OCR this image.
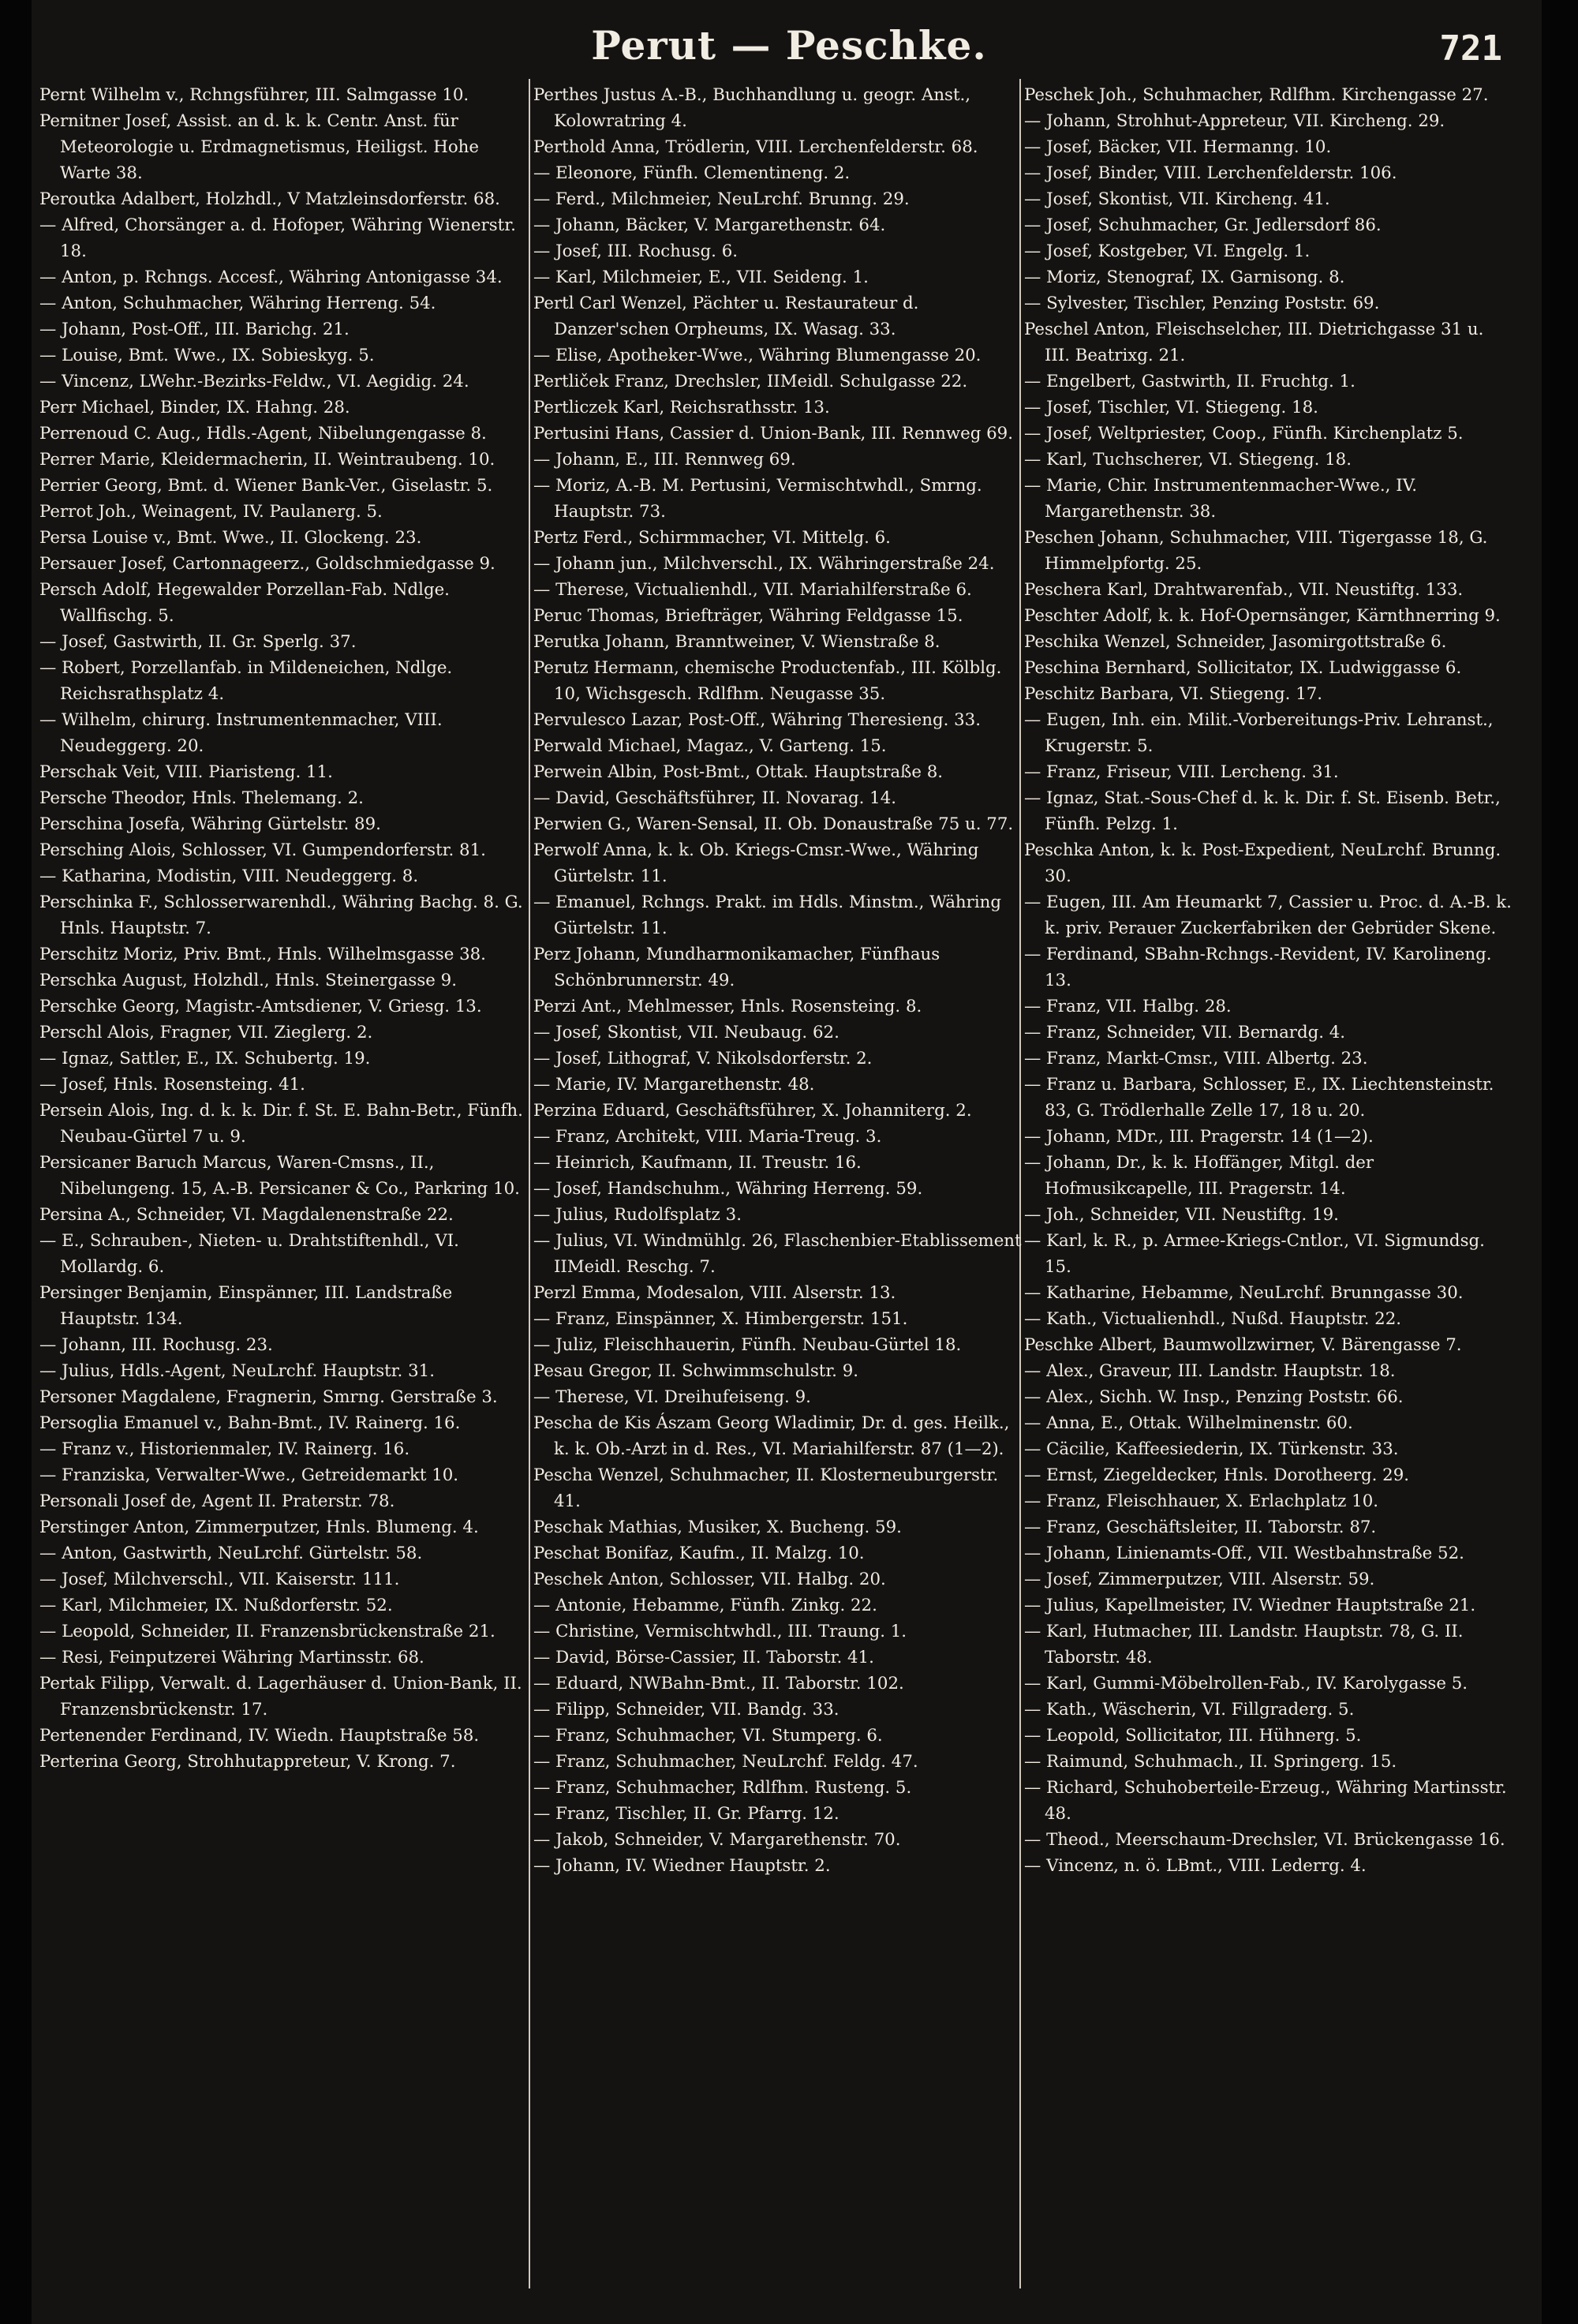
Perut — Peschke.	721

Pernt Wilhelm v., Rchngsführer, III. Salmgasse 10.

Pernitner Josef, Assist. an d. k. k. Centr. Anst. für Meteorologie u. Erdmagnetismus, Heiligst. Hohe Warte 38.

Peroutka Adalbert, Holzhdl., V Matzleinsdorferstr. 68.

— Alfred, Chorsänger a. d. Hofoper, Währing Wienerstr. 18.

— Anton, p. Rchngs. Accesf., Währing Antonigasse 34.

— Anton, Schuhmacher, Währing Herreng. 54.

— Johann, Post-Off., III. Barichg. 21.

— Louise, Bmt. Wwe., IX. Sobieskyg. 5.

— Vincenz, LWehr.-Bezirks-Feldw., VI. Aegidig. 24.

Perr Michael, Binder, IX. Hahng. 28.

Perrenoud C. Aug., Hdls.-Agent, Nibelungengasse 8.

Perrer Marie, Kleidermacherin, II. Weintraubeng. 10.

Perrier Georg, Bmt. d. Wiener Bank-Ver., Giselastr. 5.

Perrot Joh., Weinagent, IV. Paulanerg. 5.

Persa Louise v., Bmt. Wwe., II. Glockeng. 23.

Persauer Josef, Cartonnageerz., Goldschmiedgasse 9.

Persch Adolf, Hegewalder Porzellan-Fab. Ndlge. Wallfischg. 5.

— Josef, Gastwirth, II. Gr. Sperlg. 37.

— Robert, Porzellanfab. in Mildeneichen, Ndlge. Reichsrathsplatz 4.

— Wilhelm, chirurg. Instrumentenmacher, VIII. Neudeggerg. 20.

Perschak Veit, VIII. Piaristeng. 11.

Persche Theodor, Hnls. Thelemang. 2.

Perschina Josefa, Währing Gürtelstr. 89.

Persching Alois, Schlosser, VI. Gumpendorferstr. 81.

— Katharina, Modistin, VIII. Neudeggerg. 8.

Perschinka F., Schlosserwarenhdl., Währing Bachg. 8. G. Hnls. Hauptstr. 7.

Perschitz Moriz, Priv. Bmt., Hnls. Wilhelmsgasse 38.

Perschka August, Holzhdl., Hnls. Steinergasse 9.

Perschke Georg, Magistr.-Amtsdiener, V. Griesg. 13.

Perschl Alois, Fragner, VII. Zieglerg. 2.

— Ignaz, Sattler, E., IX. Schubertg. 19.

— Josef, Hnls. Rosensteing. 41.

Persein Alois, Ing. d. k. k. Dir. f. St. E. Bahn-Betr., Fünfh. Neubau-Gürtel 7 u. 9.

Persicaner Baruch Marcus, Waren-Cmsns., II., Nibelungeng. 15, A.-B. Persicaner & Co., Parkring 10.

Persina A., Schneider, VI. Magdalenenstraße 22.

— E., Schrauben-, Nieten- u. Drahtstiftenhdl., VI. Mollardg. 6.

Persinger Benjamin, Einspänner, III. Landstraße Hauptstr. 134.

— Johann, III. Rochusg. 23.

— Julius, Hdls.-Agent, NeuLrchf. Hauptstr. 31.

Personer Magdalene, Fragnerin, Smrng. Gerstraße 3.

Persoglia Emanuel v., Bahn-Bmt., IV. Rainerg. 16.

— Franz v., Historienmaler, IV. Rainerg. 16.

— Franziska, Verwalter-Wwe., Getreidemarkt 10.

Personali Josef de, Agent II. Praterstr. 78.

Perstinger Anton, Zimmerputzer, Hnls. Blumeng. 4.

— Anton, Gastwirth, NeuLrchf. Gürtelstr. 58.

— Josef, Milchverschl., VII. Kaiserstr. 111.

— Karl, Milchmeier, IX. Nußdorferstr. 52.

— Leopold, Schneider, II. Franzensbrückenstraße 21.

— Resi, Feinputzerei Währing Martinsstr. 68.

Pertak Filipp, Verwalt. d. Lagerhäuser d. Union-Bank, II. Franzensbrückenstr. 17.

Pertenender Ferdinand, IV. Wiedn. Hauptstraße 58.

Perterina Georg, Strohhutappreteur, V. Krong. 7.

Perthes Justus A.-B., Buchhandlung u. geogr. Anst., Kolowratring 4.

Perthold Anna, Trödlerin, VIII. Lerchenfelderstr. 68.

— Eleonore, Fünfh. Clementineng. 2.

— Ferd., Milchmeier, NeuLrchf. Brunng. 29.

— Johann, Bäcker, V. Margarethenstr. 64.

— Josef, III. Rochusg. 6.

— Karl, Milchmeier, E., VII. Seideng. 1.

Pertl Carl Wenzel, Pächter u. Restaurateur d. Danzer'schen Orpheums, IX. Wasag. 33.

— Elise, Apotheker-Wwe., Währing Blumengasse 20.

Pertliček Franz, Drechsler, IIMeidl. Schulgasse 22.

Pertliczek Karl, Reichsrathsstr. 13.

Pertusini Hans, Cassier d. Union-Bank, III. Rennweg 69.

— Johann, E., III. Rennweg 69.

— Moriz, A.-B. M. Pertusini, Vermischtwhdl., Smrng. Hauptstr. 73.

Pertz Ferd., Schirmmacher, VI. Mittelg. 6.

— Johann jun., Milchverschl., IX. Währingerstraße 24.

— Therese, Victualienhdl., VII. Mariahilferstraße 6.

Peruc Thomas, Briefträger, Währing Feldgasse 15.

Perutka Johann, Branntweiner, V. Wienstraße 8.

Perutz Hermann, chemische Productenfab., III. Kölblg. 10, Wichsgesch. Rdlfhm. Neugasse 35.

Pervulesco Lazar, Post-Off., Währing Theresieng. 33.

Perwald Michael, Magaz., V. Garteng. 15.

Perwein Albin, Post-Bmt., Ottak. Hauptstraße 8.

— David, Geschäftsführer, II. Novarag. 14.

Perwien G., Waren-Sensal, II. Ob. Donaustraße 75 u. 77.

Perwolf Anna, k. k. Ob. Kriegs-Cmsr.-Wwe., Währing Gürtelstr. 11.

— Emanuel, Rchngs. Prakt. im Hdls. Minstm., Währing Gürtelstr. 11.

Perz Johann, Mundharmonikamacher, Fünfhaus Schönbrunnerstr. 49.

Perzi Ant., Mehlmesser, Hnls. Rosensteing. 8.

— Josef, Skontist, VII. Neubaug. 62.

— Josef, Lithograf, V. Nikolsdorferstr. 2.

— Marie, IV. Margarethenstr. 48.

Perzina Eduard, Geschäftsführer, X. Johanniterg. 2.

— Franz, Architekt, VIII. Maria-Treug. 3.

— Heinrich, Kaufmann, II. Treustr. 16.

— Josef, Handschuhm., Währing Herreng. 59.

— Julius, Rudolfsplatz 3.

— Julius, VI. Windmühlg. 26, Flaschenbier-Etablissement IIMeidl. Reschg. 7.

Perzl Emma, Modesalon, VIII. Alserstr. 13.

— Franz, Einspänner, X. Himbergerstr. 151.

— Juliz, Fleischhauerin, Fünfh. Neubau-Gürtel 18.

Pesau Gregor, II. Schwimmschulstr. 9.

— Therese, VI. Dreihufeiseng. 9.

Pescha de Kis Ászam Georg Wladimir, Dr. d. ges. Heilk., k. k. Ob.-Arzt in d. Res., VI. Mariahilferstr. 87 (1—2).

Pescha Wenzel, Schuhmacher, II. Klosterneuburgerstr. 41.

Peschak Mathias, Musiker, X. Bucheng. 59.

Peschat Bonifaz, Kaufm., II. Malzg. 10.

Peschek Anton, Schlosser, VII. Halbg. 20.

— Antonie, Hebamme, Fünfh. Zinkg. 22.

— Christine, Vermischtwhdl., III. Traung. 1.

— David, Börse-Cassier, II. Taborstr. 41.

— Eduard, NWBahn-Bmt., II. Taborstr. 102.

— Filipp, Schneider, VII. Bandg. 33.

— Franz, Schuhmacher, VI. Stumperg. 6.

— Franz, Schuhmacher, NeuLrchf. Feldg. 47.

— Franz, Schuhmacher, Rdlfhm. Rusteng. 5.

— Franz, Tischler, II. Gr. Pfarrg. 12.

— Jakob, Schneider, V. Margarethenstr. 70.

— Johann, IV. Wiedner Hauptstr. 2.

Peschek Joh., Schuhmacher, Rdlfhm. Kirchengasse 27.

— Johann, Strohhut-Appreteur, VII. Kircheng. 29.

— Josef, Bäcker, VII. Hermanng. 10.

— Josef, Binder, VIII. Lerchenfelderstr. 106.

— Josef, Skontist, VII. Kircheng. 41.

— Josef, Schuhmacher, Gr. Jedlersdorf 86.

— Josef, Kostgeber, VI. Engelg. 1.

— Moriz, Stenograf, IX. Garnisong. 8.

— Sylvester, Tischler, Penzing Poststr. 69.

Peschel Anton, Fleischselcher, III. Dietrichgasse 31 u. III. Beatrixg. 21.

— Engelbert, Gastwirth, II. Fruchtg. 1.

— Josef, Tischler, VI. Stiegeng. 18.

— Josef, Weltpriester, Coop., Fünfh. Kirchenplatz 5.

— Karl, Tuchscherer, VI. Stiegeng. 18.

— Marie, Chir. Instrumentenmacher-Wwe., IV. Margarethenstr. 38.

Peschen Johann, Schuhmacher, VIII. Tigergasse 18, G. Himmelpfortg. 25.

Peschera Karl, Drahtwarenfab., VII. Neustiftg. 133.

Peschter Adolf, k. k. Hof-Opernsänger, Kärnthnerring 9.

Peschika Wenzel, Schneider, Jasomirgottstraße 6.

Peschina Bernhard, Sollicitator, IX. Ludwiggasse 6.

Peschitz Barbara, VI. Stiegeng. 17.

— Eugen, Inh. ein. Milit.-Vorbereitungs-Priv. Lehranst., Krugerstr. 5.

— Franz, Friseur, VIII. Lercheng. 31.

— Ignaz, Stat.-Sous-Chef d. k. k. Dir. f. St. Eisenb. Betr., Fünfh. Pelzg. 1.

Peschka Anton, k. k. Post-Expedient, NeuLrchf. Brunng. 30.

— Eugen, III. Am Heumarkt 7, Cassier u. Proc. d. A.-B. k. k. priv. Perauer Zuckerfabriken der Gebrüder Skene.

— Ferdinand, SBahn-Rchngs.-Revident, IV. Karolineng. 13.

— Franz, VII. Halbg. 28.

— Franz, Schneider, VII. Bernardg. 4.

— Franz, Markt-Cmsr., VIII. Albertg. 23.

— Franz u. Barbara, Schlosser, E., IX. Liechtensteinstr. 83, G. Trödlerhalle Zelle 17, 18 u. 20.

— Johann, MDr., III. Pragerstr. 14 (1—2).

— Johann, Dr., k. k. Hoffänger, Mitgl. der Hofmusikcapelle, III. Pragerstr. 14.

— Joh., Schneider, VII. Neustiftg. 19.

— Karl, k. R., p. Armee-Kriegs-Cntlor., VI. Sigmundsg. 15.

— Katharine, Hebamme, NeuLrchf. Brunngasse 30.

— Kath., Victualienhdl., Nußd. Hauptstr. 22.

Peschke Albert, Baumwollzwirner, V. Bärengasse 7.

— Alex., Graveur, III. Landstr. Hauptstr. 18.

— Alex., Sichh. W. Insp., Penzing Poststr. 66.

— Anna, E., Ottak. Wilhelminenstr. 60.

— Cäcilie, Kaffeesiederin, IX. Türkenstr. 33.

— Ernst, Ziegeldecker, Hnls. Dorotheerg. 29.

— Franz, Fleischhauer, X. Erlachplatz 10.

— Franz, Geschäftsleiter, II. Taborstr. 87.

— Johann, Linienamts-Off., VII. Westbahnstraße 52.

— Josef, Zimmerputzer, VIII. Alserstr. 59.

— Julius, Kapellmeister, IV. Wiedner Hauptstraße 21.

— Karl, Hutmacher, III. Landstr. Hauptstr. 78, G. II. Taborstr. 48.

— Karl, Gummi-Möbelrollen-Fab., IV. Karolygasse 5.

— Kath., Wäscherin, VI. Fillgraderg. 5.

— Leopold, Sollicitator, III. Hühnerg. 5.

— Raimund, Schuhmach., II. Springerg. 15.

— Richard, Schuhoberteile-Erzeug., Währing Martinsstr. 48.

— Theod., Meerschaum-Drechsler, VI. Brückengasse 16.

— Vincenz, n. ö. LBmt., VIII. Lederrg. 4.
